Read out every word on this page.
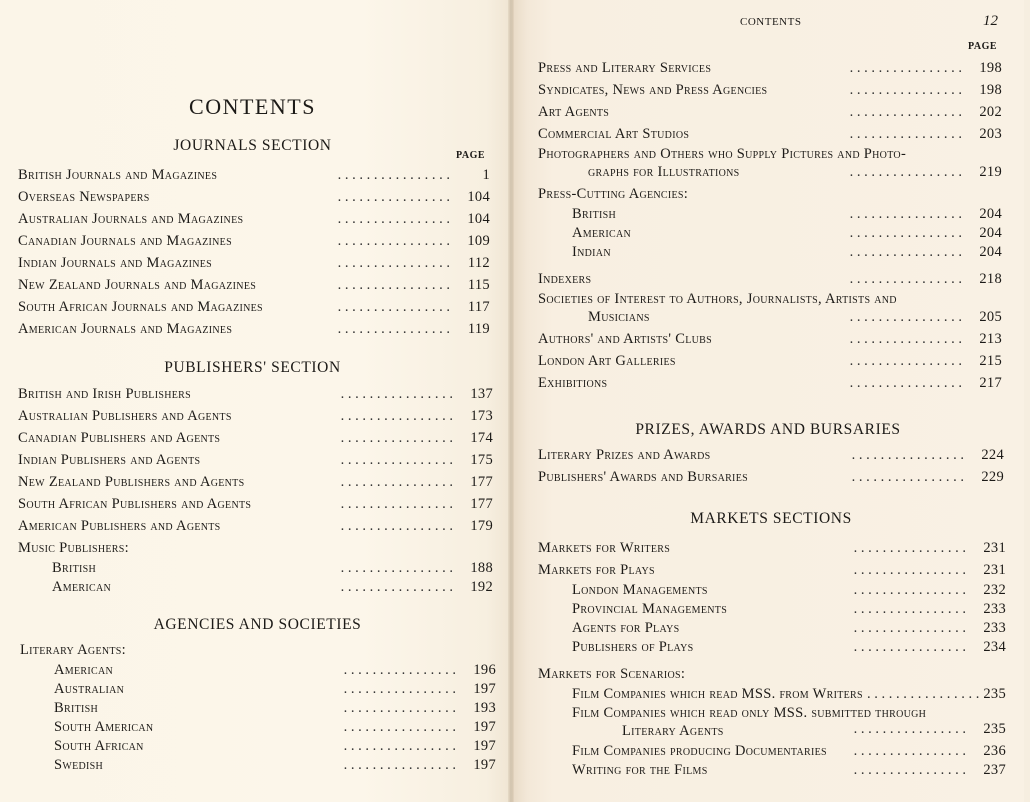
CONTENTS
JOURNALS SECTION
PAGE
. . . . . . . . . . . . . . . .
British Journals and Magazines	1
. . . . . . . . . . . . . . . .
Overseas Newspapers	104
. . . . . . . . . . . . . . . .
Australian Journals and Magazines	104
. . . . . . . . . . . . . . . .
Canadian Journals and Magazines	109
. . . . . . . . . . . . . . . .
Indian Journals and Magazines	112
. . . . . . . . . . . . . . . .
New Zealand Journals and Magazines	115
. . . . . . . . . . . . . . . .
South African Journals and Magazines	117
. . . . . . . . . . . . . . . .
American Journals and Magazines	119
PUBLISHERS' SECTION
. . . . . . . . . . . . . . . .
British and Irish Publishers	137
. . . . . . . . . . . . . . . .
Australian Publishers and Agents	173
. . . . . . . . . . . . . . . .
Canadian Publishers and Agents	174
. . . . . . . . . . . . . . . .
Indian Publishers and Agents	175
. . . . . . . . . . . . . . . .
New Zealand Publishers and Agents	177
. . . . . . . . . . . . . . . .
South African Publishers and Agents	177
. . . . . . . . . . . . . . . .
American Publishers and Agents	179
Music Publishers:
. . . . . . . . . . . . . . . .
British	188
. . . . . . . . . . . . . . . .
American	192
AGENCIES AND SOCIETIES
Literary Agents:
. . . . . . . . . . . . . . . .
American	196
. . . . . . . . . . . . . . . .
Australian	197
. . . . . . . . . . . . . . . .
British	193
. . . . . . . . . . . . . . . .
South American	197
. . . . . . . . . . . . . . . .
South African	197
. . . . . . . . . . . . . . . .
Swedish	197
CONTENTS	12
PAGE
. . . . . . . . . . . . . . . .
Press and Literary Services	198
. . . . . . . . . . . . . . . .
Syndicates, News and Press Agencies	198
. . . . . . . . . . . . . . . .
Art Agents	202
. . . . . . . . . . . . . . . .
Commercial Art Studios	203
. . . . . . . . . . . . . . . .
Photographers and Others who Supply Pictures and Photo-
graphs for Illustrations	219
Press-Cutting Agencies:
. . . . . . . . . . . . . . . .
British	204
. . . . . . . . . . . . . . . .
American	204
. . . . . . . . . . . . . . . .
Indian	204
. . . . . . . . . . . . . . . .
Indexers	218
. . . . . . . . . . . . . . . .
Societies of Interest to Authors, Journalists, Artists and
Musicians	205
. . . . . . . . . . . . . . . .
Authors' and Artists' Clubs	213
. . . . . . . . . . . . . . . .
London Art Galleries	215
. . . . . . . . . . . . . . . .
Exhibitions	217
PRIZES, AWARDS AND BURSARIES
. . . . . . . . . . . . . . . .
Literary Prizes and Awards	224
. . . . . . . . . . . . . . . .
Publishers' Awards and Bursaries	229
MARKETS SECTIONS
. . . . . . . . . . . . . . . .
Markets for Writers	231
. . . . . . . . . . . . . . . .
Markets for Plays	231
. . . . . . . . . . . . . . . .
London Managements	232
. . . . . . . . . . . . . . . .
Provincial Managements	233
. . . . . . . . . . . . . . . .
Agents for Plays	233
. . . . . . . . . . . . . . . .
Publishers of Plays	234
Markets for Scenarios:
. . . . . . . . . . . . . . . .
Film Companies which read MSS. from Writers	235
. . . . . . . . . . . . . . . .
Film Companies which read only MSS. submitted through
Literary Agents	235
. . . . . . . . . . . . . . . .
Film Companies producing Documentaries	236
. . . . . . . . . . . . . . . .
Writing for the Films	237
